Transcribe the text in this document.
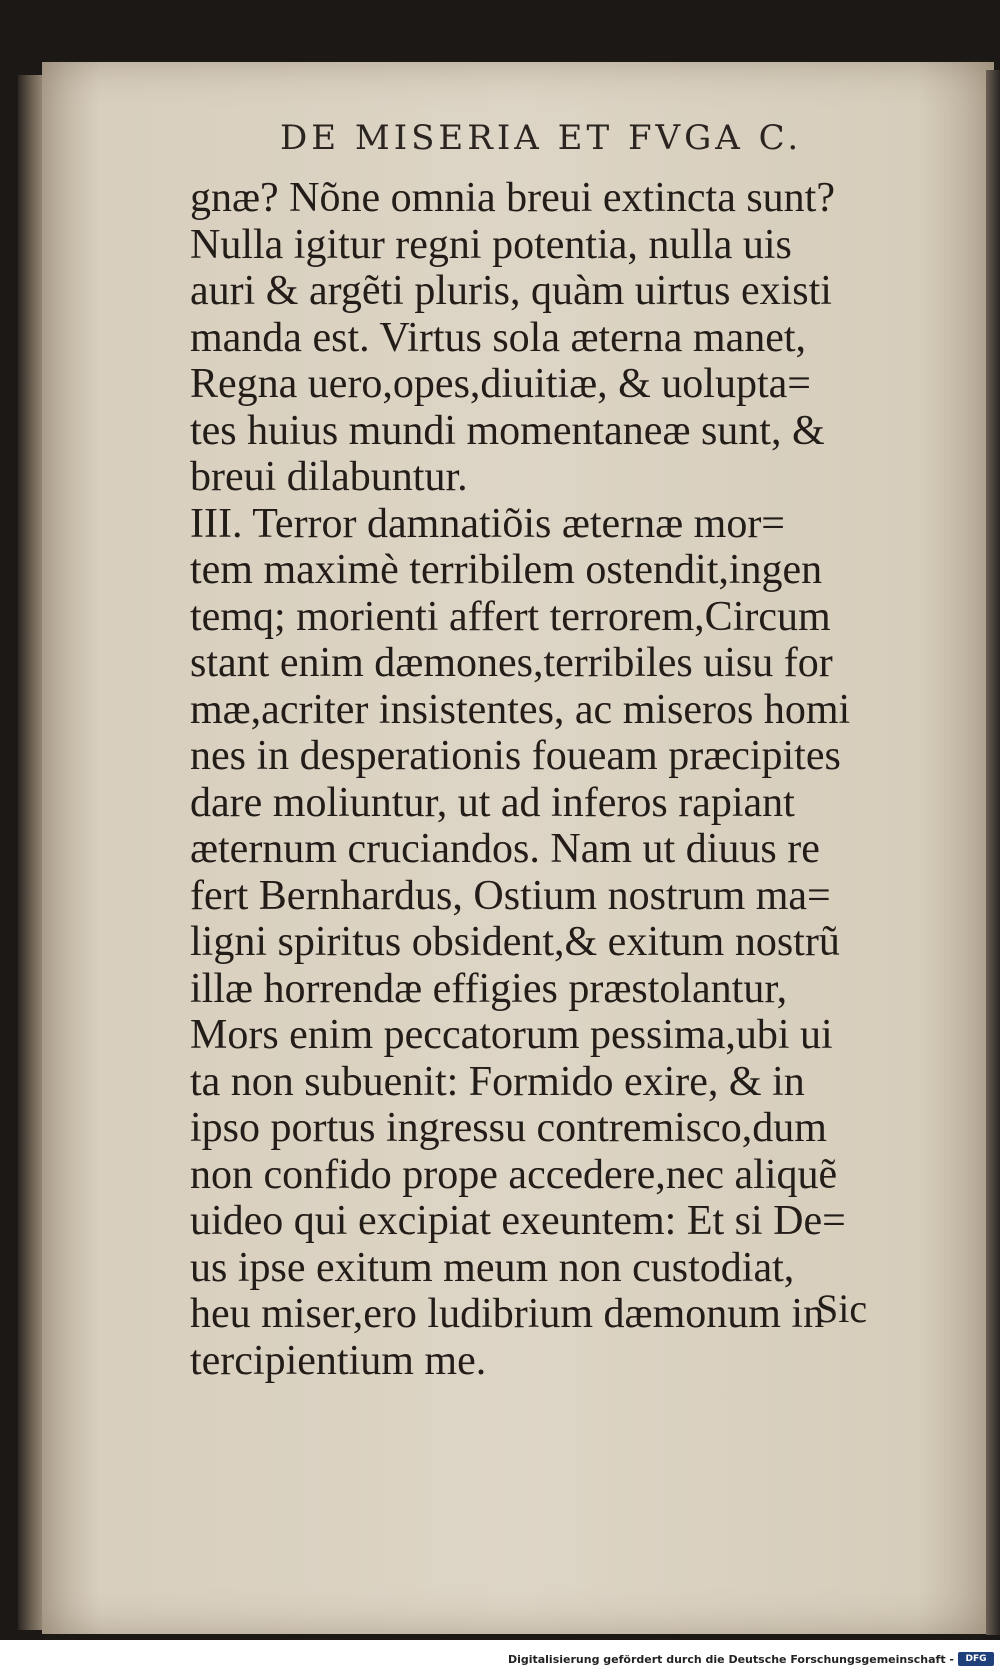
DE MISERIA ET FVGA C.
gnæ? Nõne omnia breui extincta sunt?
Nulla igitur regni potentia, nulla uis
auri & argẽti pluris, quàm uirtus existi
manda est. Virtus sola æterna manet,
Regna uero,opes,diuitiæ, & uolupta=
tes huius mundi momentaneæ sunt, &
breui dilabuntur.
III. Terror damnatiõis æternæ mor=
tem maximè terribilem ostendit,ingen
temq; morienti affert terrorem,Circum
stant enim dæmones,terribiles uisu for
mæ,acriter insistentes, ac miseros homi
nes in desperationis foueam præcipites
dare moliuntur, ut ad inferos rapiant
æternum cruciandos. Nam ut diuus re
fert Bernhardus, Ostium nostrum ma=
ligni spiritus obsident,& exitum nostrũ
illæ horrendæ effigies præstolantur,
Mors enim peccatorum pessima,ubi ui
ta non subuenit: Formido exire, & in
ipso portus ingressu contremisco,dum
non confido prope accedere,nec aliquẽ
uideo qui excipiat exeuntem: Et si De=
us ipse exitum meum non custodiat,
heu miser,ero ludibrium dæmonum in
tercipientium me.
Sic
Digitalisierung gefördert durch die Deutsche Forschungsgemeinschaft -	DFG
